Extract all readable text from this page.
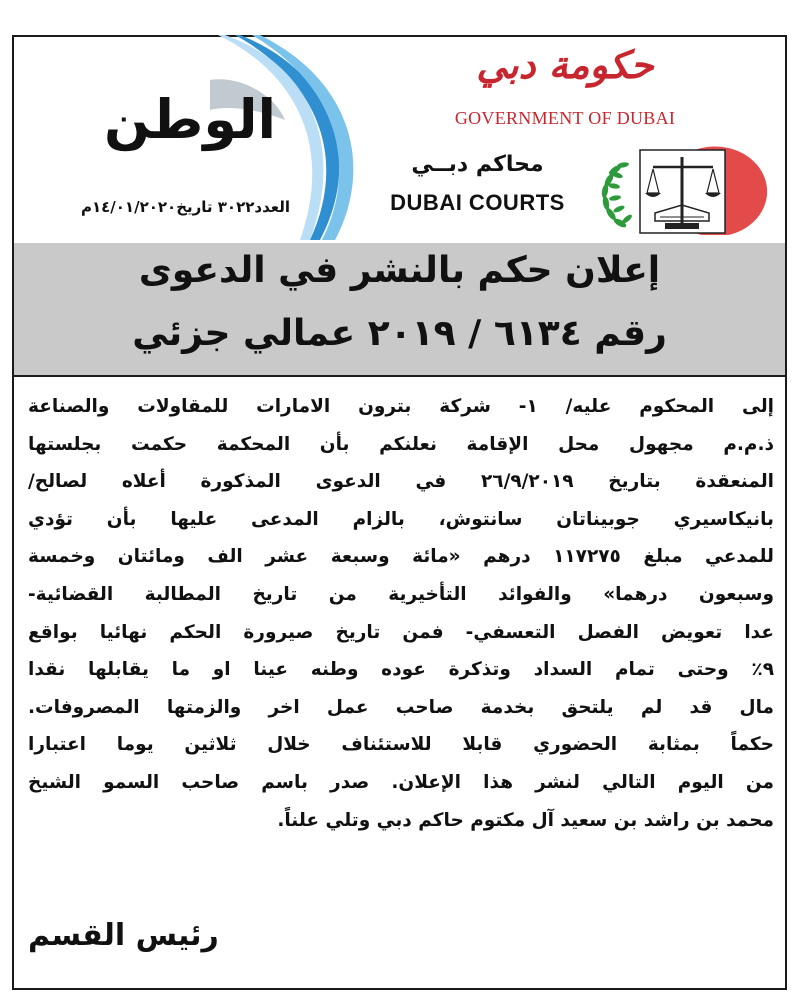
الوطن
العدد٣٠٢٢ تاريخ١٤/٠١/٢٠٢٠م
حكومة دبي
GOVERNMENT OF DUBAI
محاكم دبــي
DUBAI COURTS
إعلان حكم بالنشر في الدعوى
رقم ٦١٣٤ / ٢٠١٩ عمالي جزئي
إلى المحكوم عليه/ ١- شركة بترون الامارات للمقاولات والصناعة
ذ.م.م مجهول محل الإقامة نعلنكم بأن المحكمة حكمت بجلستها
المنعقدة بتاريخ ٢٦/٩/٢٠١٩ في الدعوى المذكورة أعلاه لصالح/
بانيكاسيري جوبيناتان سانتوش، بالزام المدعى عليها بأن تؤدي
للمدعي مبلغ ١١٧٢٧٥ درهم «مائة وسبعة عشر الف ومائتان وخمسة
وسبعون درهما» والفوائد التأخيرية من تاريخ المطالبة القضائية-
عدا تعويض الفصل التعسفي- فمن تاريخ صيرورة الحكم نهائيا بواقع
٩٪ وحتى تمام السداد وتذكرة عوده وطنه عينا او ما يقابلها نقدا
مال قد لم يلتحق بخدمة صاحب عمل اخر والزمتها المصروفات.
حكماً بمثابة الحضوري قابلا للاستئناف خلال ثلاثين يوما اعتبارا
من اليوم التالي لنشر هذا الإعلان. صدر باسم صاحب السمو الشيخ
محمد بن راشد بن سعيد آل مكتوم حاكم دبي وتلي علناً.
رئيس القسم
